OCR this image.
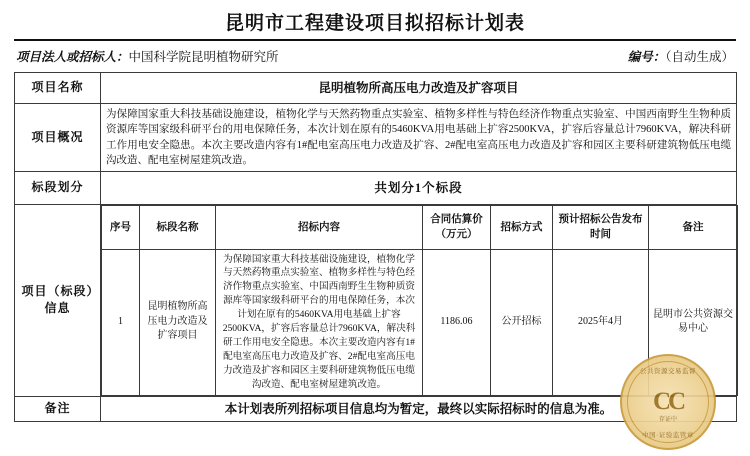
昆明市工程建设项目拟招标计划表
项目法人或招标人：中国科学院昆明植物研究所	编号：（自动生成）
项目名称	昆明植物所高压电力改造及扩容项目
项目概况	为保障国家重大科技基础设施建设，植物化学与天然药物重点实验室、植物多样性与特色经济作物重点实验室、中国西南野生生物种质资源库等国家级科研平台的用电保障任务，本次计划在原有的5460KVA用电基础上扩容2500KVA，扩容后容量总计7960KVA，解决科研工作用电安全隐患。本次主要改造内容有1#配电室高压电力改造及扩容、2#配电室高压电力改造及扩容和园区主要科研建筑物低压电缆沟改造、配电室树屋建筑改造。
标段划分	共划分1个标段
项目（标段）信息	
序号	标段名称	招标内容	合同估算价（万元）	招标方式	预计招标公告发布时间	备注
1	昆明植物所高压电力改造及扩容项目	为保障国家重大科技基础设施建设，植物化学与天然药物重点实验室、植物多样性与特色经济作物重点实验室、中国西南野生生物种质资源库等国家级科研平台的用电保障任务，本次计划在原有的5460KVA用电基础上扩容2500KVA，扩容后容量总计7960KVA，解决科研工作用电安全隐患。本次主要改造内容有1#配电室高压电力改造及扩容、2#配电室高压电力改造及扩容和园区主要科研建筑物低压电缆沟改造、配电室树屋建筑改造。	1186.06	公开招标	2025年4月	昆明市公共资源交易中心

备注	本计划表所列招标项目信息均为暂定，最终以实际招标时的信息为准。
公共资源交易监督
CC
存证中
中国·证验监管章
